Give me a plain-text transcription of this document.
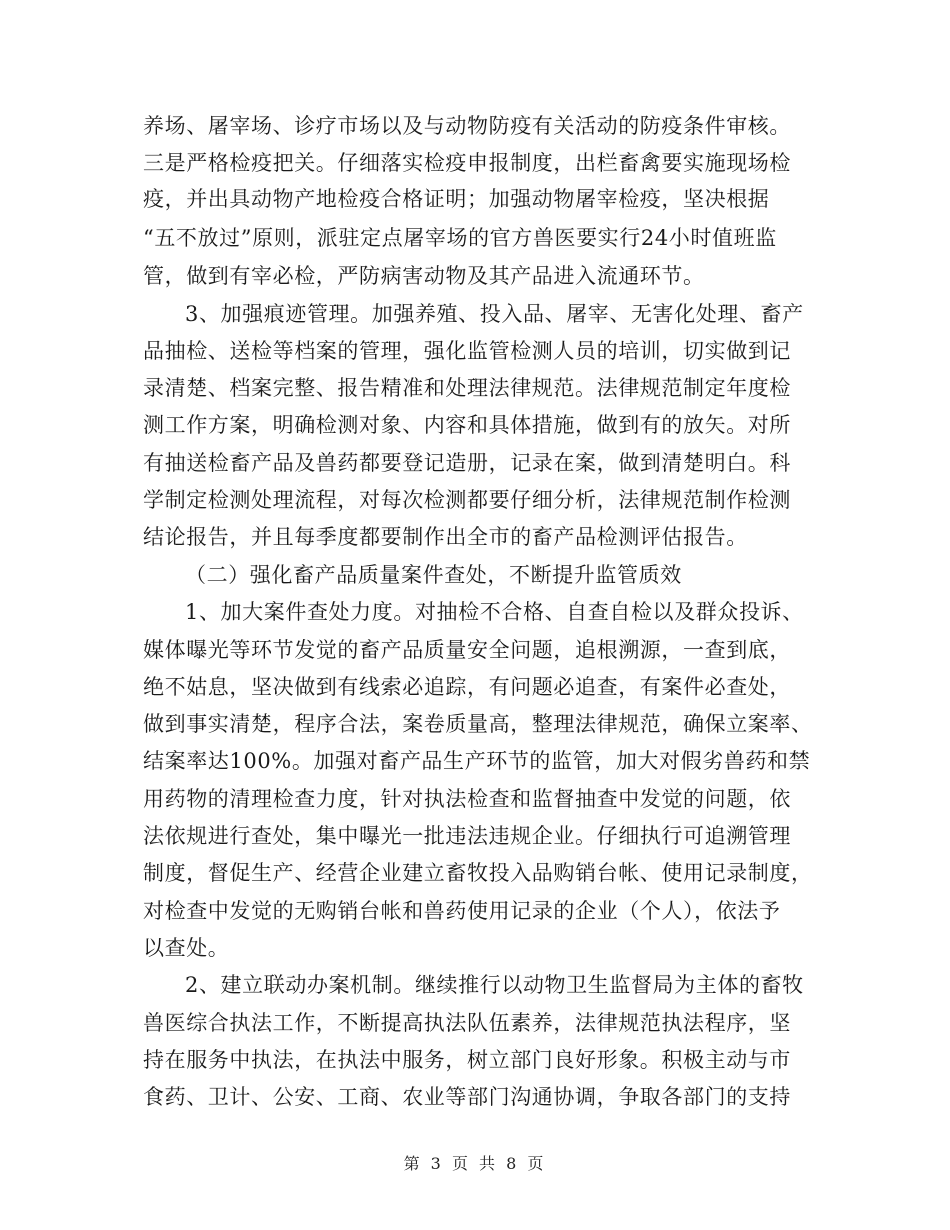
养场、屠宰场、诊疗市场以及与动物防疫有关活动的防疫条件审核。
三是严格检疫把关。仔细落实检疫申报制度，出栏畜禽要实施现场检
疫，并出具动物产地检疫合格证明；加强动物屠宰检疫，坚决根据
“五不放过”原则，派驻定点屠宰场的官方兽医要实行24小时值班监
管，做到有宰必检，严防病害动物及其产品进入流通环节。
3、加强痕迹管理。加强养殖、投入品、屠宰、无害化处理、畜产
品抽检、送检等档案的管理，强化监管检测人员的培训，切实做到记
录清楚、档案完整、报告精准和处理法律规范。法律规范制定年度检
测工作方案，明确检测对象、内容和具体措施，做到有的放矢。对所
有抽送检畜产品及兽药都要登记造册，记录在案，做到清楚明白。科
学制定检测处理流程，对每次检测都要仔细分析，法律规范制作检测
结论报告，并且每季度都要制作出全市的畜产品检测评估报告。
（二）强化畜产品质量案件查处，不断提升监管质效
1、加大案件查处力度。对抽检不合格、自查自检以及群众投诉、
媒体曝光等环节发觉的畜产品质量安全问题，追根溯源，一查到底，
绝不姑息，坚决做到有线索必追踪，有问题必追查，有案件必查处，
做到事实清楚，程序合法，案卷质量高，整理法律规范，确保立案率、
结案率达100%。加强对畜产品生产环节的监管，加大对假劣兽药和禁
用药物的清理检查力度，针对执法检查和监督抽查中发觉的问题，依
法依规进行查处，集中曝光一批违法违规企业。仔细执行可追溯管理
制度，督促生产、经营企业建立畜牧投入品购销台帐、使用记录制度，
对检查中发觉的无购销台帐和兽药使用记录的企业（个人），依法予
以查处。
2、建立联动办案机制。继续推行以动物卫生监督局为主体的畜牧
兽医综合执法工作，不断提高执法队伍素养，法律规范执法程序，坚
持在服务中执法，在执法中服务，树立部门良好形象。积极主动与市
食药、卫计、公安、工商、农业等部门沟通协调，争取各部门的支持
第 3 页 共 8 页
